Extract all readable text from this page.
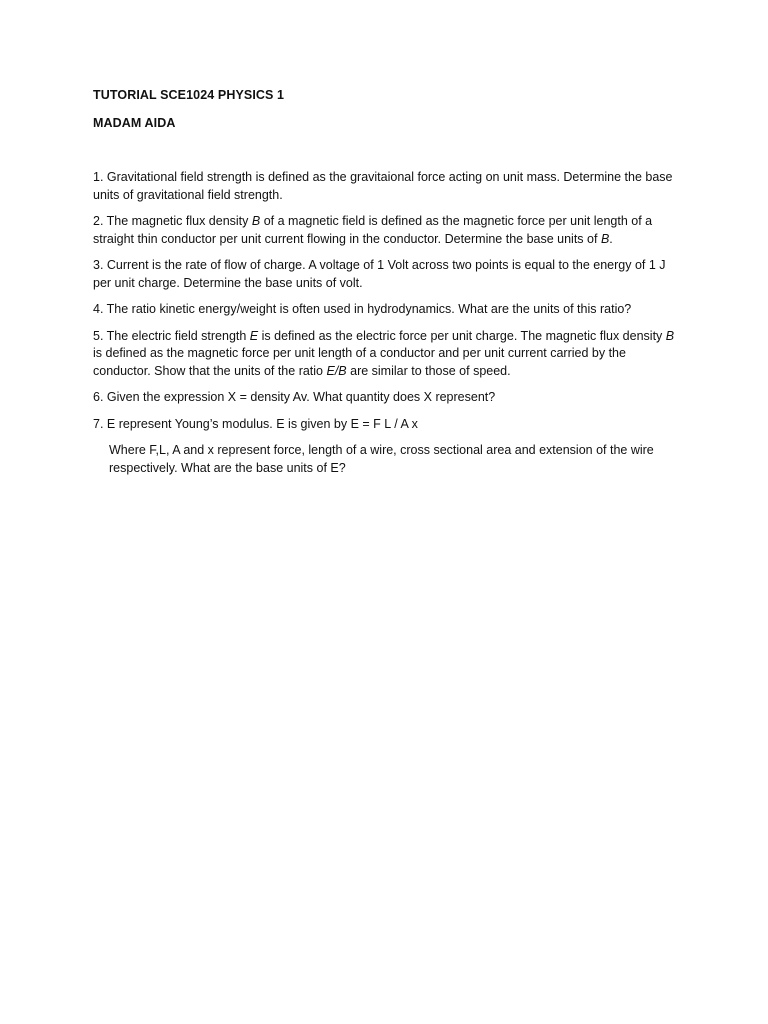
TUTORIAL SCE1024 PHYSICS 1
MADAM AIDA

1. Gravitational field strength is defined as the gravitaional force acting on unit mass. Determine the base units of gravitational field strength.

2. The magnetic flux density B of a magnetic field is defined as the magnetic force per unit length of a straight thin conductor per unit current flowing in the conductor. Determine the base units of B.

3. Current is the rate of flow of charge. A voltage of 1 Volt across two points is equal to the energy of 1 J per unit charge. Determine the base units of volt.

4. The ratio kinetic energy/weight is often used in hydrodynamics. What are the units of this ratio?

5. The electric field strength E is defined as the electric force per unit charge. The magnetic flux density B is defined as the magnetic force per unit length of a conductor and per unit current carried by the conductor. Show that the units of the ratio E/B are similar to those of speed.

6. Given the expression X = density Av. What quantity does X represent?

7. E represent Young’s modulus. E is given by E = F L / A x

Where F,L, A and x represent force, length of a wire, cross sectional area and extension of the wire respectively. What are the base units of E?
